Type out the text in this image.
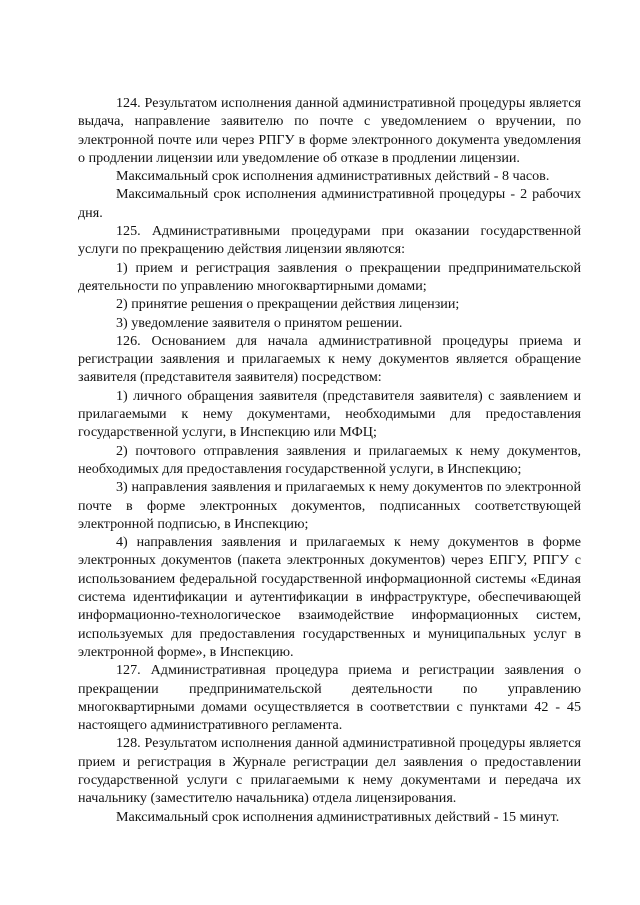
124. Результатом исполнения данной административной процедуры является выдача, направление заявителю по почте с уведомлением о вручении, по электронной почте или через РПГУ в форме электронного документа уведомления о продлении лицензии или уведомление об отказе в продлении лицензии.

Максимальный срок исполнения административных действий - 8 часов.

Максимальный срок исполнения административной процедуры - 2 рабочих дня.

125. Административными процедурами при оказании государственной услуги по прекращению действия лицензии являются:

1) прием и регистрация заявления о прекращении предпринимательской деятельности по управлению многоквартирными домами;

2) принятие решения о прекращении действия лицензии;

3) уведомление заявителя о принятом решении.

126. Основанием для начала административной процедуры приема и регистрации заявления и прилагаемых к нему документов является обращение заявителя (представителя заявителя) посредством:

1) личного обращения заявителя (представителя заявителя) с заявлением и прилагаемыми к нему документами, необходимыми для предоставления государственной услуги, в Инспекцию или МФЦ;

2) почтового отправления заявления и прилагаемых к нему документов, необходимых для предоставления государственной услуги, в Инспекцию;

3) направления заявления и прилагаемых к нему документов по электронной почте в форме электронных документов, подписанных соответствующей электронной подписью, в Инспекцию;

4) направления заявления и прилагаемых к нему документов в форме электронных документов (пакета электронных документов) через ЕПГУ, РПГУ с использованием федеральной государственной информационной системы «Единая система идентификации и аутентификации в инфраструктуре, обеспечивающей информационно-технологическое взаимодействие информационных систем, используемых для предоставления государственных и муниципальных услуг в электронной форме», в Инспекцию.

127. Административная процедура приема и регистрации заявления о прекращении предпринимательской деятельности по управлению многоквартирными домами осуществляется в соответствии с пунктами 42 - 45 настоящего административного регламента.

128. Результатом исполнения данной административной процедуры является прием и регистрация в Журнале регистрации дел заявления о предоставлении государственной услуги с прилагаемыми к нему документами и передача их начальнику (заместителю начальника) отдела лицензирования.

Максимальный срок исполнения административных действий - 15 минут.
